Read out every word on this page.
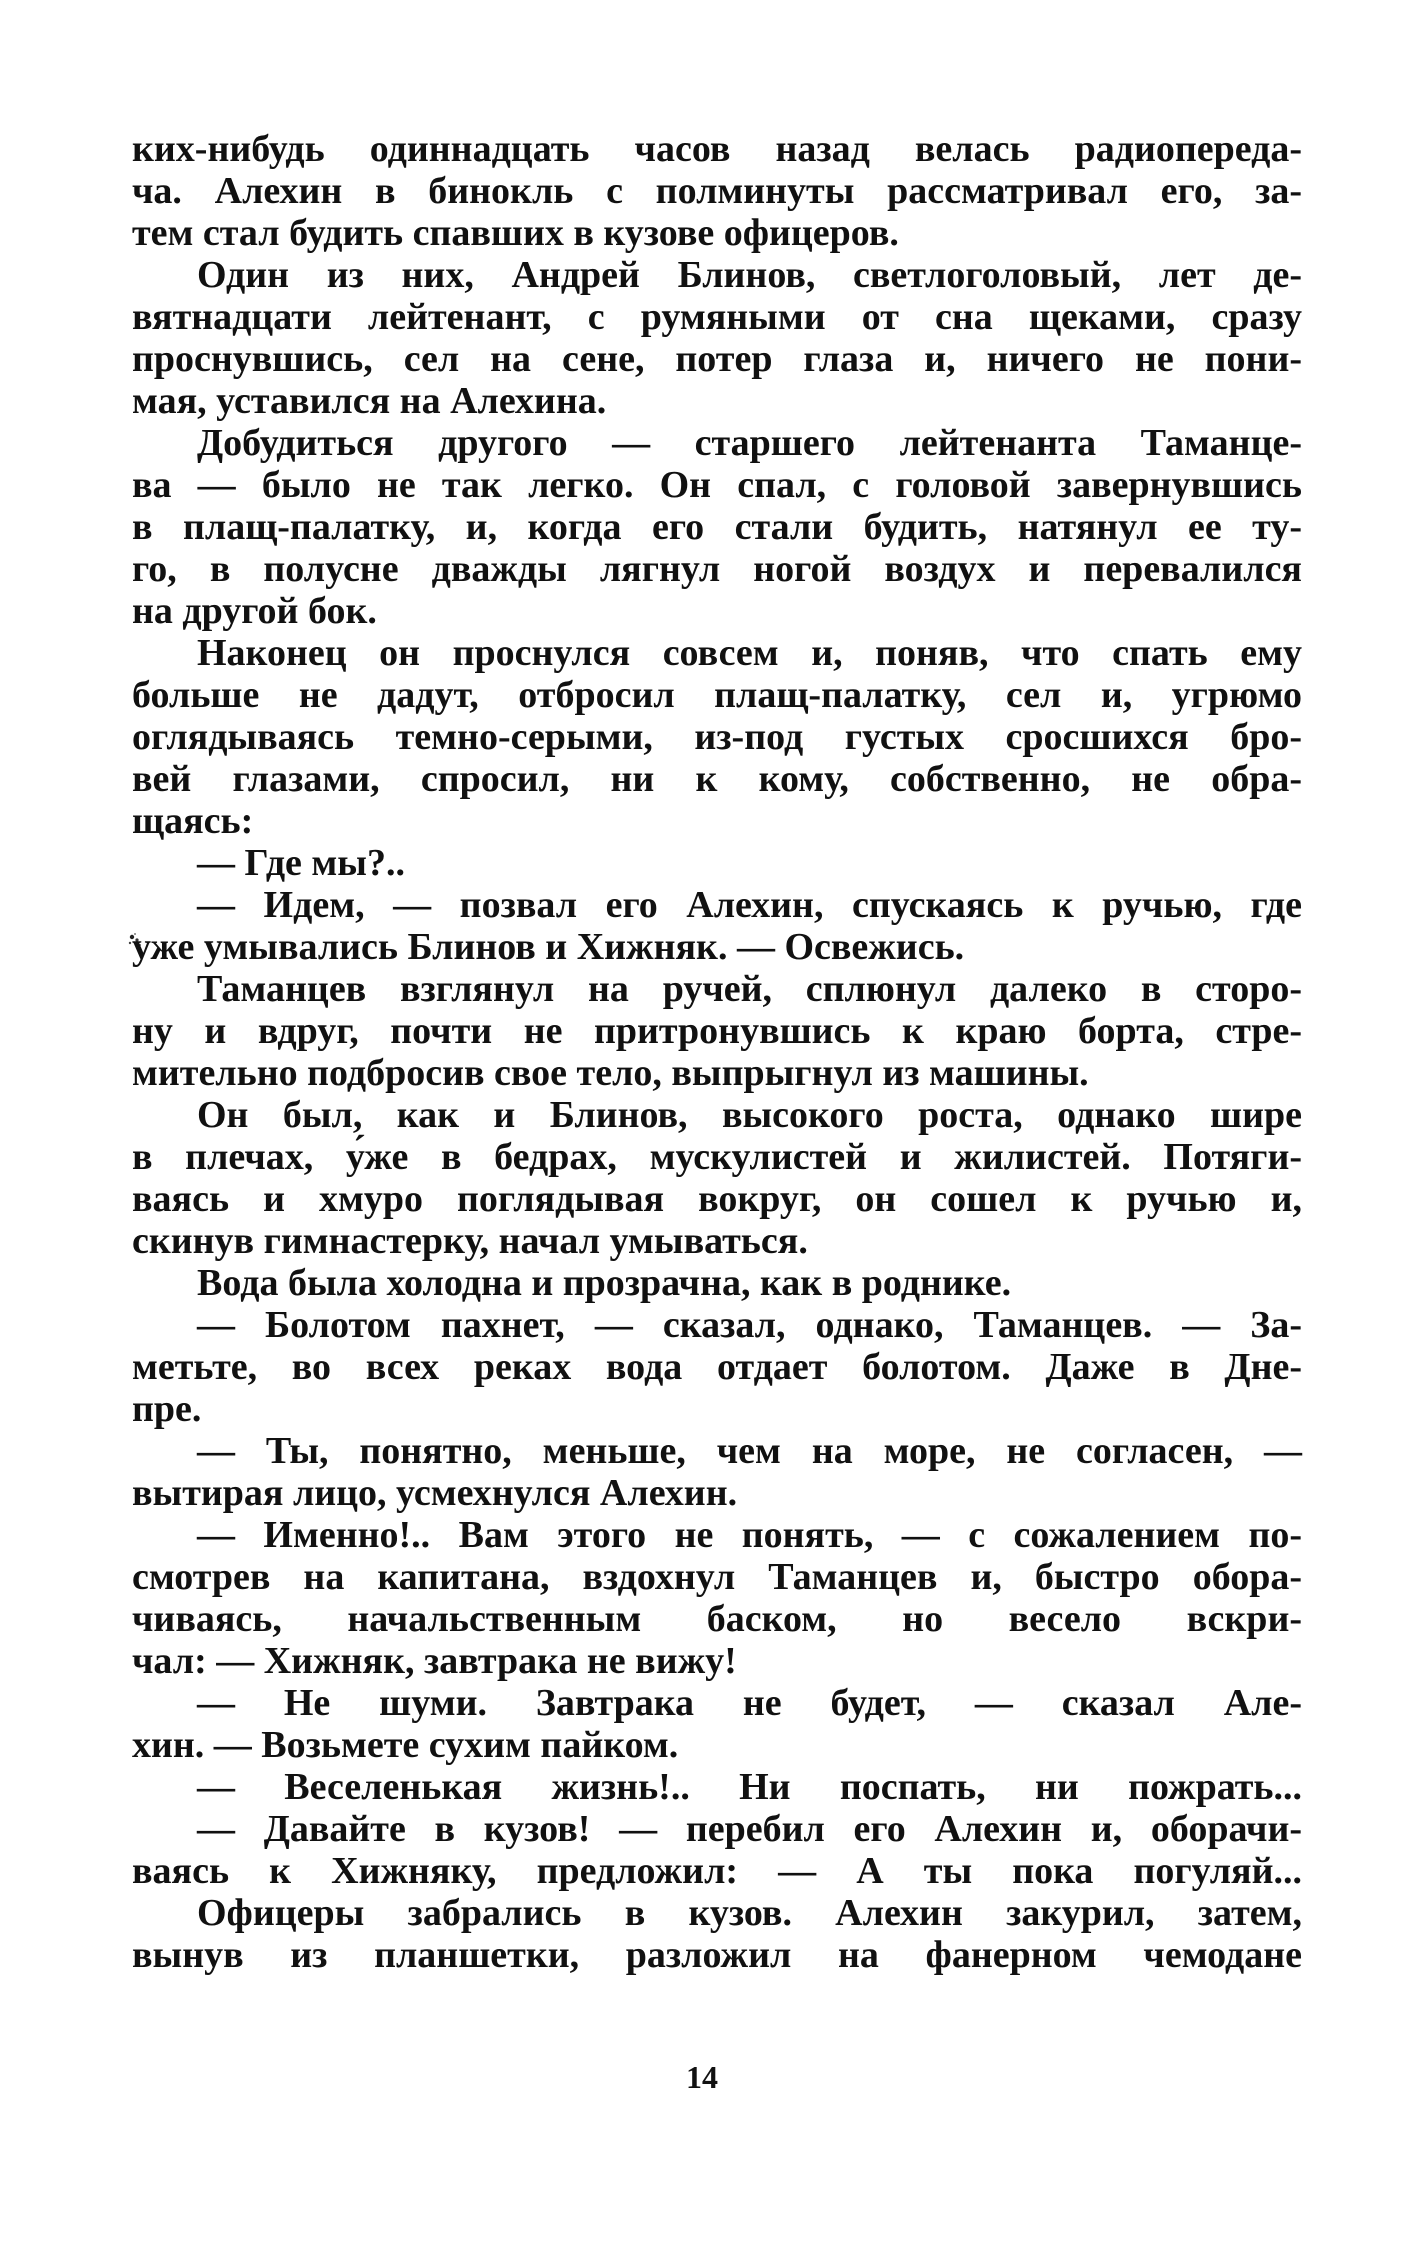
ких-нибудь одиннадцать часов назад велась радиопереда-
ча. Алехин в бинокль с полминуты рассматривал его, за-
тем стал будить спавших в кузове офицеров.
Один из них, Андрей Блинов, светлоголовый, лет де-
вятнадцати лейтенант, с румяными от сна щеками, сразу
проснувшись, сел на сене, потер глаза и, ничего не пони-
мая, уставился на Алехина.
Добудиться другого — старшего лейтенанта Таманце-
ва — было не так легко. Он спал, с головой завернувшись
в плащ-палатку, и, когда его стали будить, натянул ее ту-
го, в полусне дважды лягнул ногой воздух и перевалился
на другой бок.
Наконец он проснулся совсем и, поняв, что спать ему
больше не дадут, отбросил плащ-палатку, сел и, угрюмо
оглядываясь темно-серыми, из-под густых сросшихся бро-
вей глазами, спросил, ни к кому, собственно, не обра-
щаясь:
— Где мы?..
— Идем, — позвал его Алехин, спускаясь к ручью, где
уже умывались Блинов и Хижняк. — Освежись.
Таманцев взглянул на ручей, сплюнул далеко в сторо-
ну и вдруг, почти не притронувшись к краю борта, стре-
мительно подбросив свое тело, выпрыгнул из машины.
Он был, как и Блинов, высокого роста, однако шире
в плечах, у́же в бедрах, мускулистей и жилистей. Потяги-
ваясь и хмуро поглядывая вокруг, он сошел к ручью и,
скинув гимнастерку, начал умываться.
Вода была холодна и прозрачна, как в роднике.
— Болотом пахнет, — сказал, однако, Таманцев. — За-
метьте, во всех реках вода отдает болотом. Даже в Дне-
пре.
— Ты, понятно, меньше, чем на море, не согласен, —
вытирая лицо, усмехнулся Алехин.
— Именно!.. Вам этого не понять, — с сожалением по-
смотрев на капитана, вздохнул Таманцев и, быстро обора-
чиваясь, начальственным баском, но весело вскри-
чал: — Хижняк, завтрака не вижу!
— Не шуми. Завтрака не будет, — сказал Але-
хин. — Возьмете сухим пайком.
— Веселенькая жизнь!.. Ни поспать, ни пожрать...
— Давайте в кузов! — перебил его Алехин и, оборачи-
ваясь к Хижняку, предложил: — А ты пока погуляй...
Офицеры забрались в кузов. Алехин закурил, затем,
вынув из планшетки, разложил на фанерном чемодане
14
